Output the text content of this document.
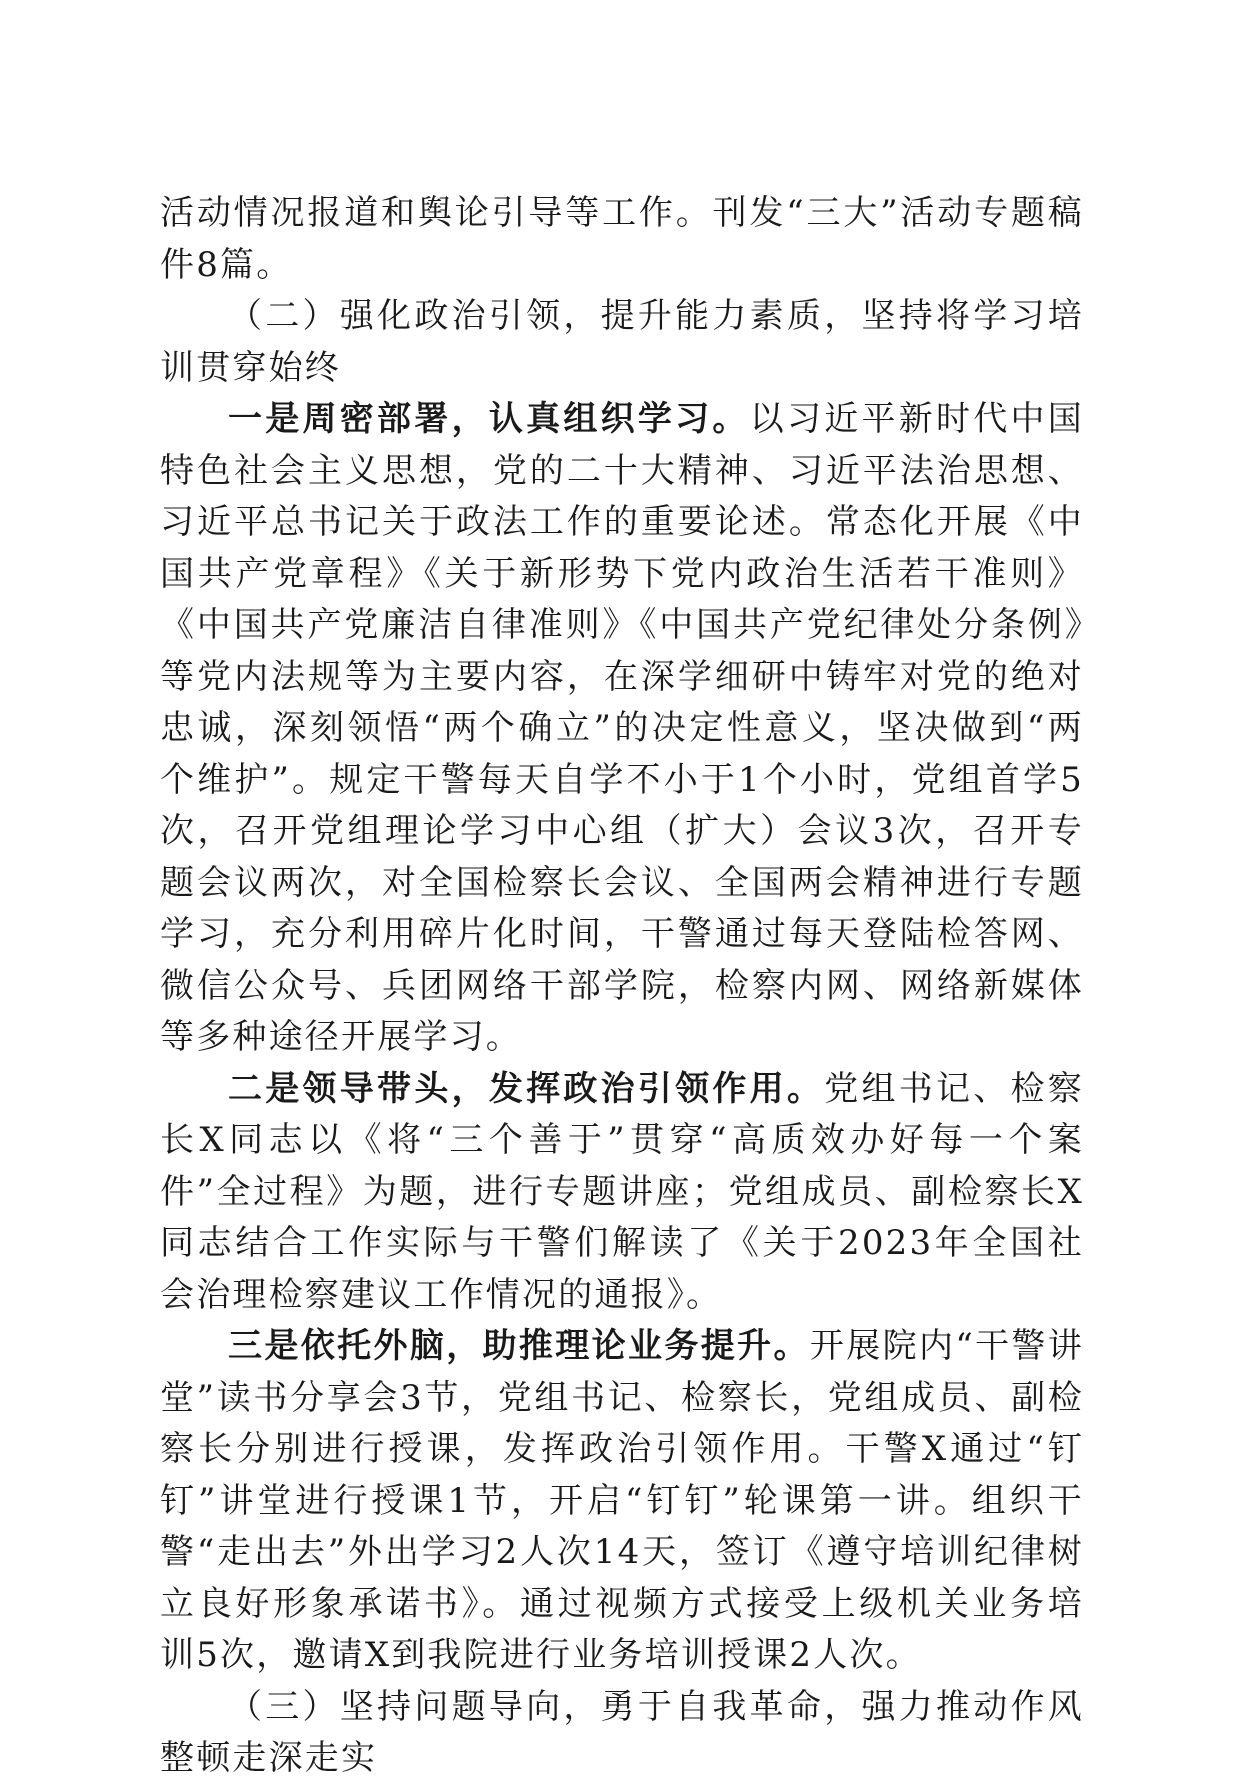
活动情况报道和舆论引导等工作。刊发“三大”活动专题稿件8篇。

（二）强化政治引领，提升能力素质，坚持将学习培训贯穿始终

一是周密部署，认真组织学习。以习近平新时代中国特色社会主义思想，党的二十大精神、习近平法治思想、习近平总书记关于政法工作的重要论述。常态化开展《中国共产党章程》《关于新形势下党内政治生活若干准则》《中国共产党廉洁自律准则》《中国共产党纪律处分条例》等党内法规等为主要内容，在深学细研中铸牢对党的绝对忠诚，深刻领悟“两个确立”的决定性意义，坚决做到“两个维护”。规定干警每天自学不小于1个小时，党组首学5次，召开党组理论学习中心组（扩大）会议3次，召开专题会议两次，对全国检察长会议、全国两会精神进行专题学习，充分利用碎片化时间，干警通过每天登陆检答网、微信公众号、兵团网络干部学院，检察内网、网络新媒体等多种途径开展学习。

二是领导带头，发挥政治引领作用。党组书记、检察长X同志以《将“三个善于”贯穿“高质效办好每一个案件”全过程》为题，进行专题讲座；党组成员、副检察长X同志结合工作实际与干警们解读了《关于2023年全国社会治理检察建议工作情况的通报》。

三是依托外脑，助推理论业务提升。开展院内“干警讲堂”读书分享会3节，党组书记、检察长，党组成员、副检察长分别进行授课，发挥政治引领作用。干警X通过“钉钉”讲堂进行授课1节，开启“钉钉”轮课第一讲。组织干警“走出去”外出学习2人次14天，签订《遵守培训纪律树立良好形象承诺书》。通过视频方式接受上级机关业务培训5次，邀请X到我院进行业务培训授课2人次。

（三）坚持问题导向，勇于自我革命，强力推动作风整顿走深走实
